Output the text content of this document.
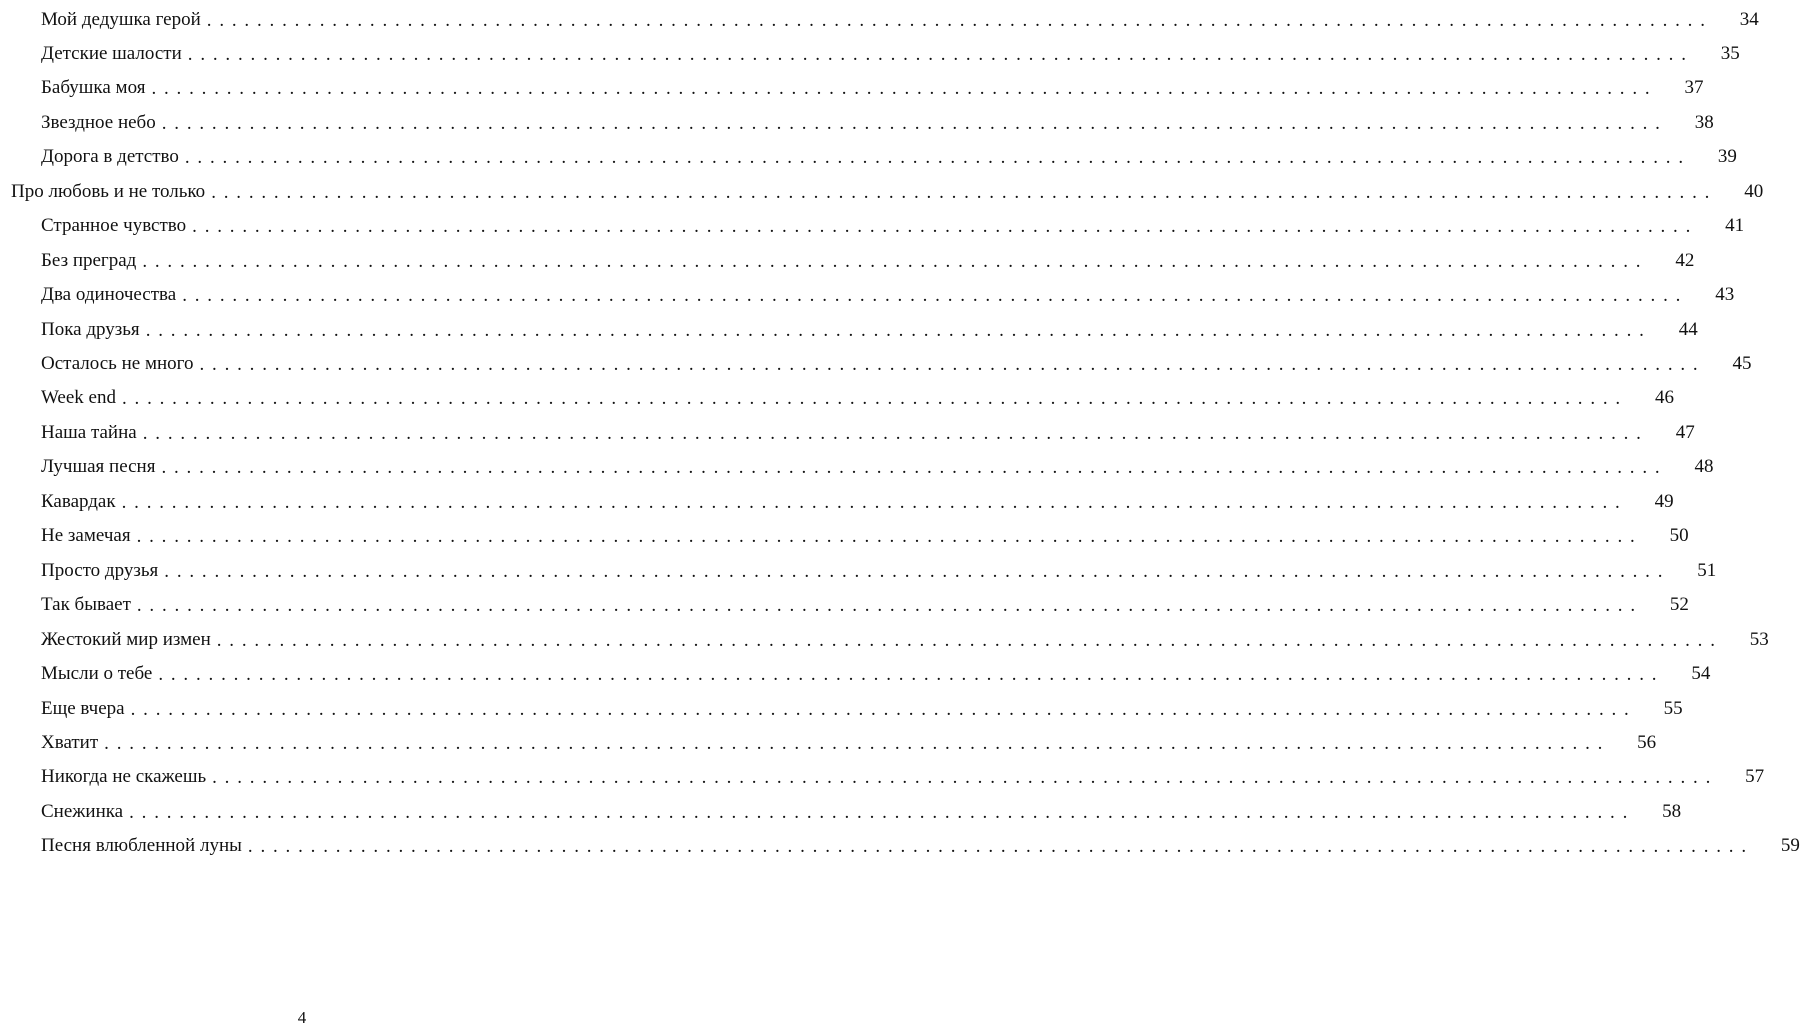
Мой дедушка герой ........................................................................................................................	34
Детские шалости ........................................................................................................................	35
Бабушка моя ........................................................................................................................	37
Звездное небо ........................................................................................................................	38
Дорога в детство ........................................................................................................................	39
Про любовь и не только ........................................................................................................................	40
Странное чувство ........................................................................................................................	41
Без преград ........................................................................................................................	42
Два одиночества ........................................................................................................................	43
Пока друзья ........................................................................................................................	44
Осталось не много ........................................................................................................................	45
Week end ........................................................................................................................	46
Наша тайна ........................................................................................................................	47
Лучшая песня ........................................................................................................................	48
Кавардак ........................................................................................................................	49
Не замечая ........................................................................................................................	50
Просто друзья ........................................................................................................................	51
Так бывает ........................................................................................................................	52
Жестокий мир измен ........................................................................................................................	53
Мысли о тебе ........................................................................................................................	54
Еще вчера ........................................................................................................................	55
Хватит ........................................................................................................................	56
Никогда не скажешь ........................................................................................................................	57
Снежинка ........................................................................................................................	58
Песня влюбленной луны ........................................................................................................................	59
4
